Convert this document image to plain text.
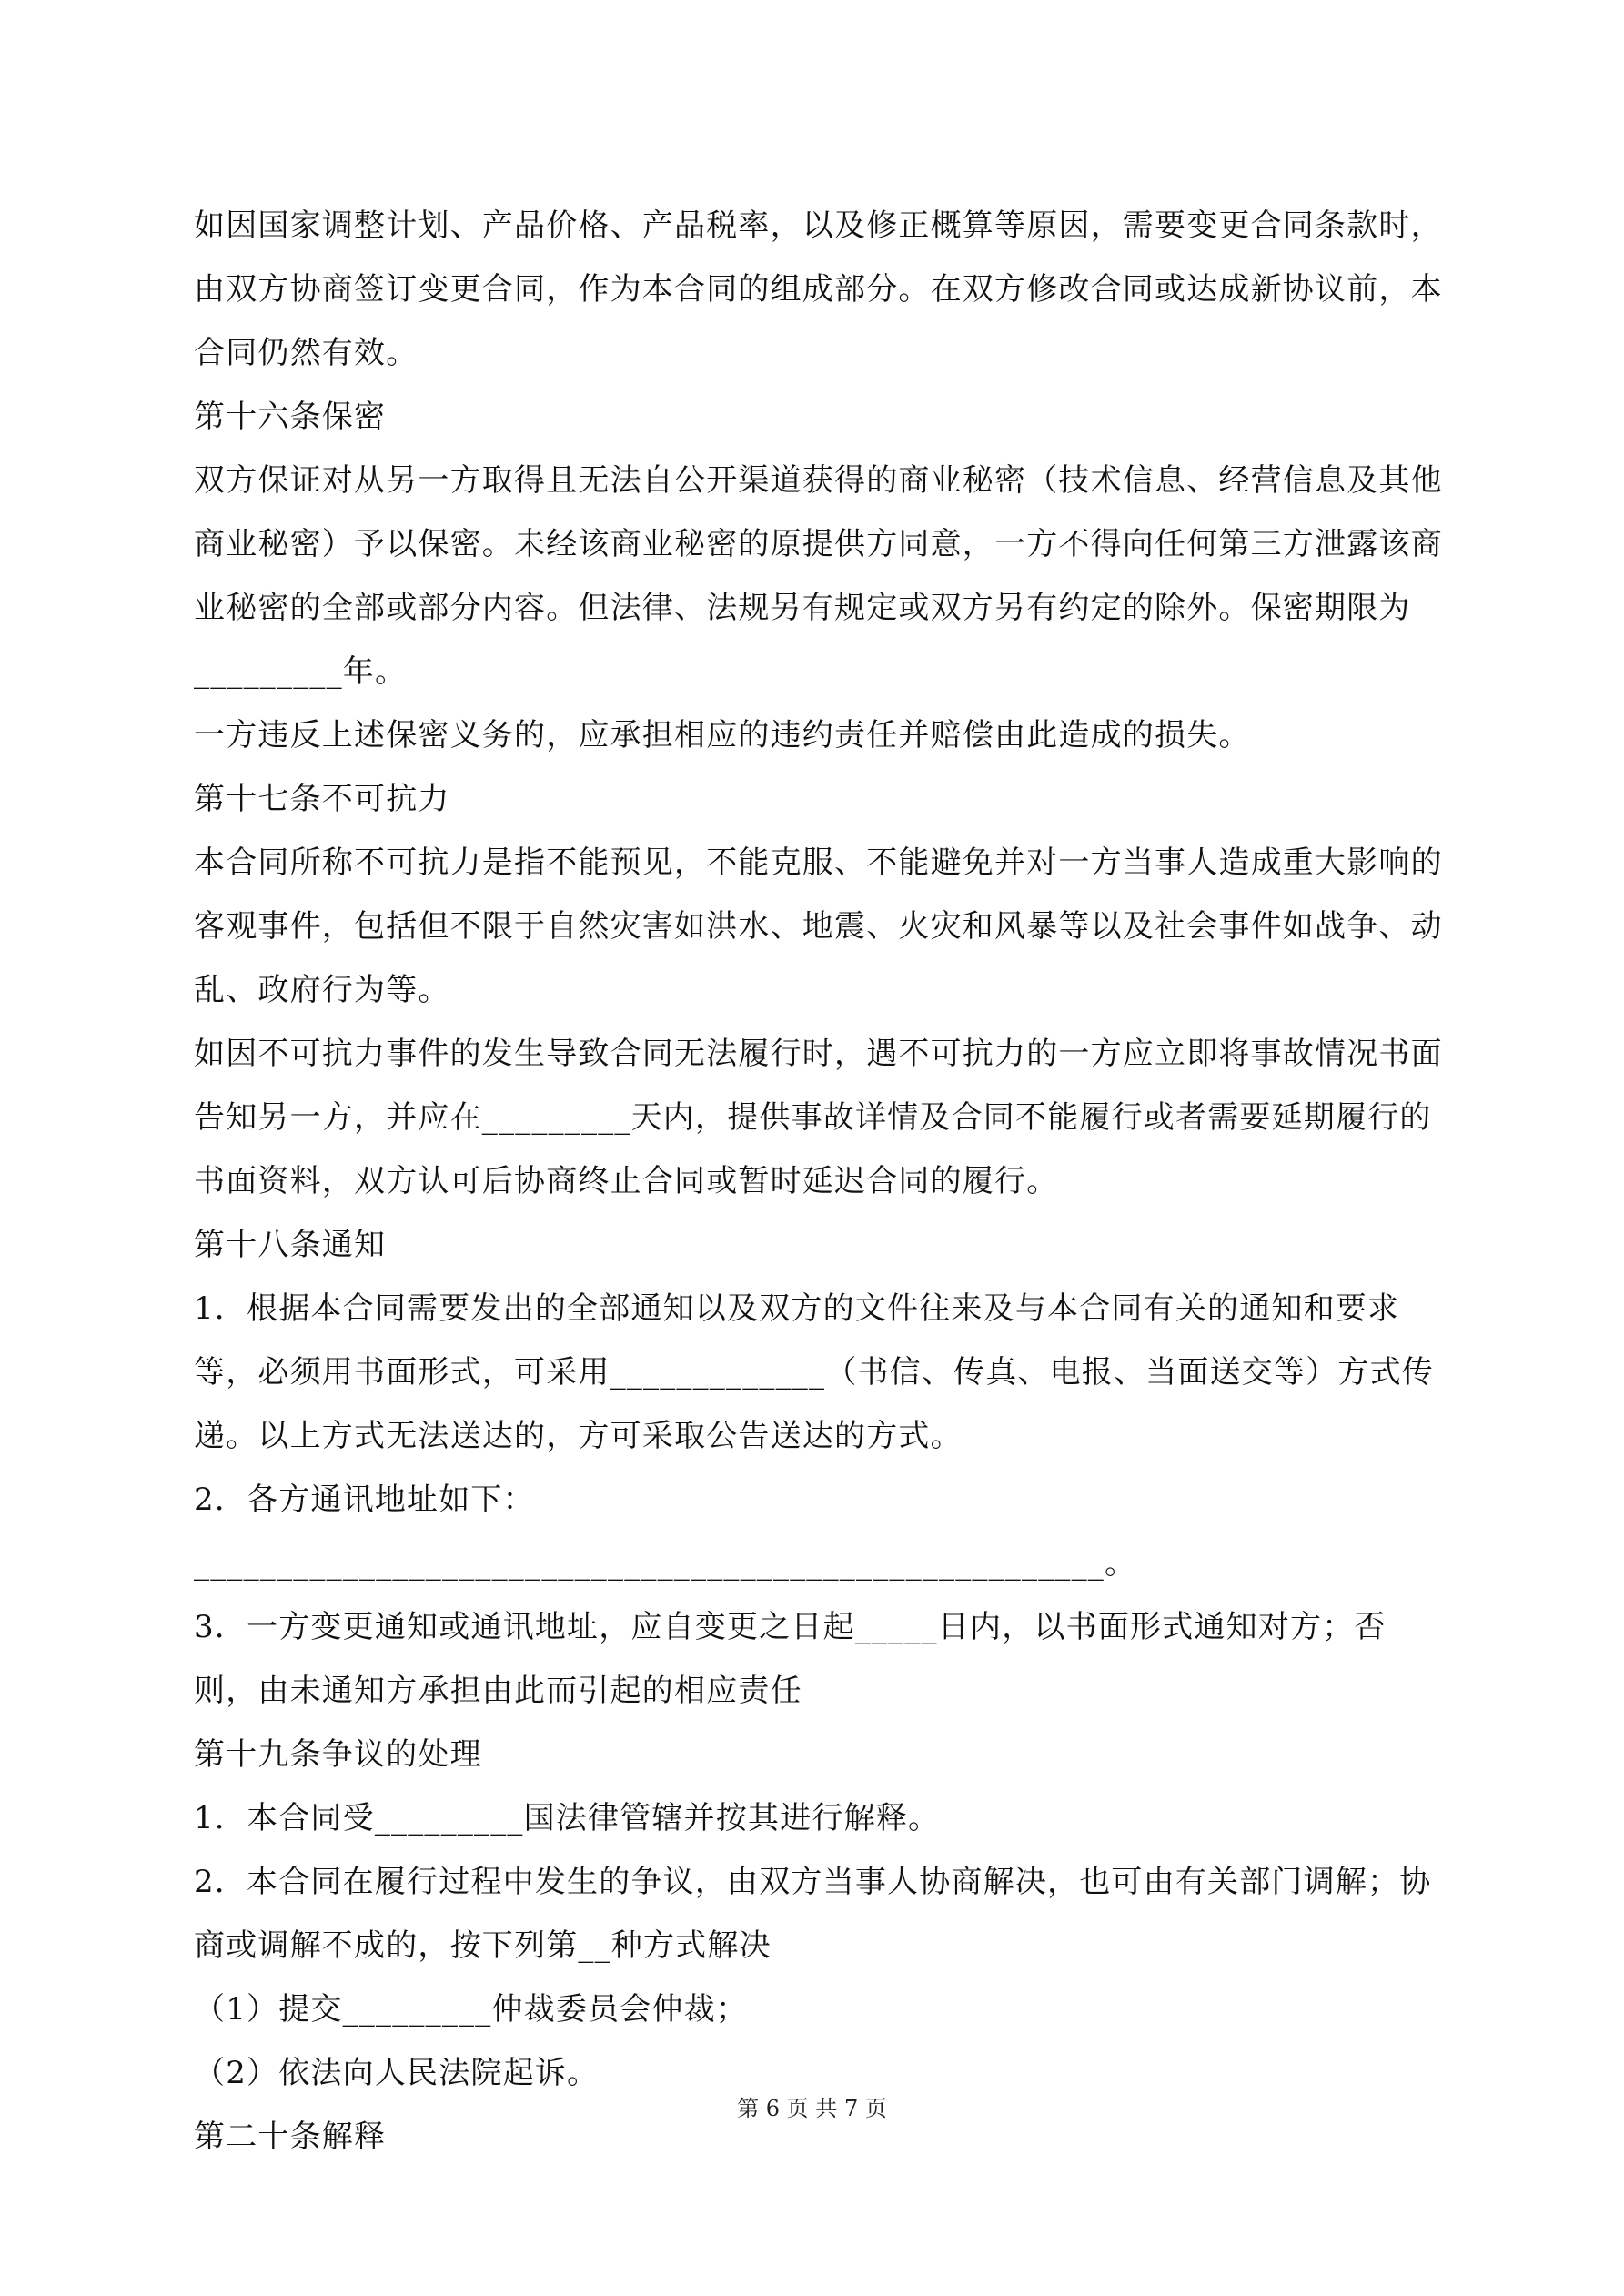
如因国家调整计划、产品价格、产品税率，以及修正概算等原因，需要变更合同条款时，由双方协商签订变更合同，作为本合同的组成部分。在双方修改合同或达成新协议前，本合同仍然有效。

第十六条保密

双方保证对从另一方取得且无法自公开渠道获得的商业秘密（技术信息、经营信息及其他商业秘密）予以保密。未经该商业秘密的原提供方同意，一方不得向任何第三方泄露该商业秘密的全部或部分内容。但法律、法规另有规定或双方另有约定的除外。保密期限为_________年。

一方违反上述保密义务的，应承担相应的违约责任并赔偿由此造成的损失。

第十七条不可抗力

本合同所称不可抗力是指不能预见，不能克服、不能避免并对一方当事人造成重大影响的客观事件，包括但不限于自然灾害如洪水、地震、火灾和风暴等以及社会事件如战争、动乱、政府行为等。

如因不可抗力事件的发生导致合同无法履行时，遇不可抗力的一方应立即将事故情况书面告知另一方，并应在_________天内，提供事故详情及合同不能履行或者需要延期履行的书面资料，双方认可后协商终止合同或暂时延迟合同的履行。

第十八条通知

1．根据本合同需要发出的全部通知以及双方的文件往来及与本合同有关的通知和要求等，必须用书面形式，可采用_____________（书信、传真、电报、当面送交等）方式传递。以上方式无法送达的，方可采取公告送达的方式。

2．各方通讯地址如下：_______________________________________________________。

3．一方变更通知或通讯地址，应自变更之日起_____日内，以书面形式通知对方；否则，由未通知方承担由此而引起的相应责任

第十九条争议的处理

1．本合同受_________国法律管辖并按其进行解释。

2．本合同在履行过程中发生的争议，由双方当事人协商解决，也可由有关部门调解；协商或调解不成的，按下列第__种方式解决

（1）提交_________仲裁委员会仲裁；

（2）依法向人民法院起诉。

第二十条解释

第 6 页 共 7 页
